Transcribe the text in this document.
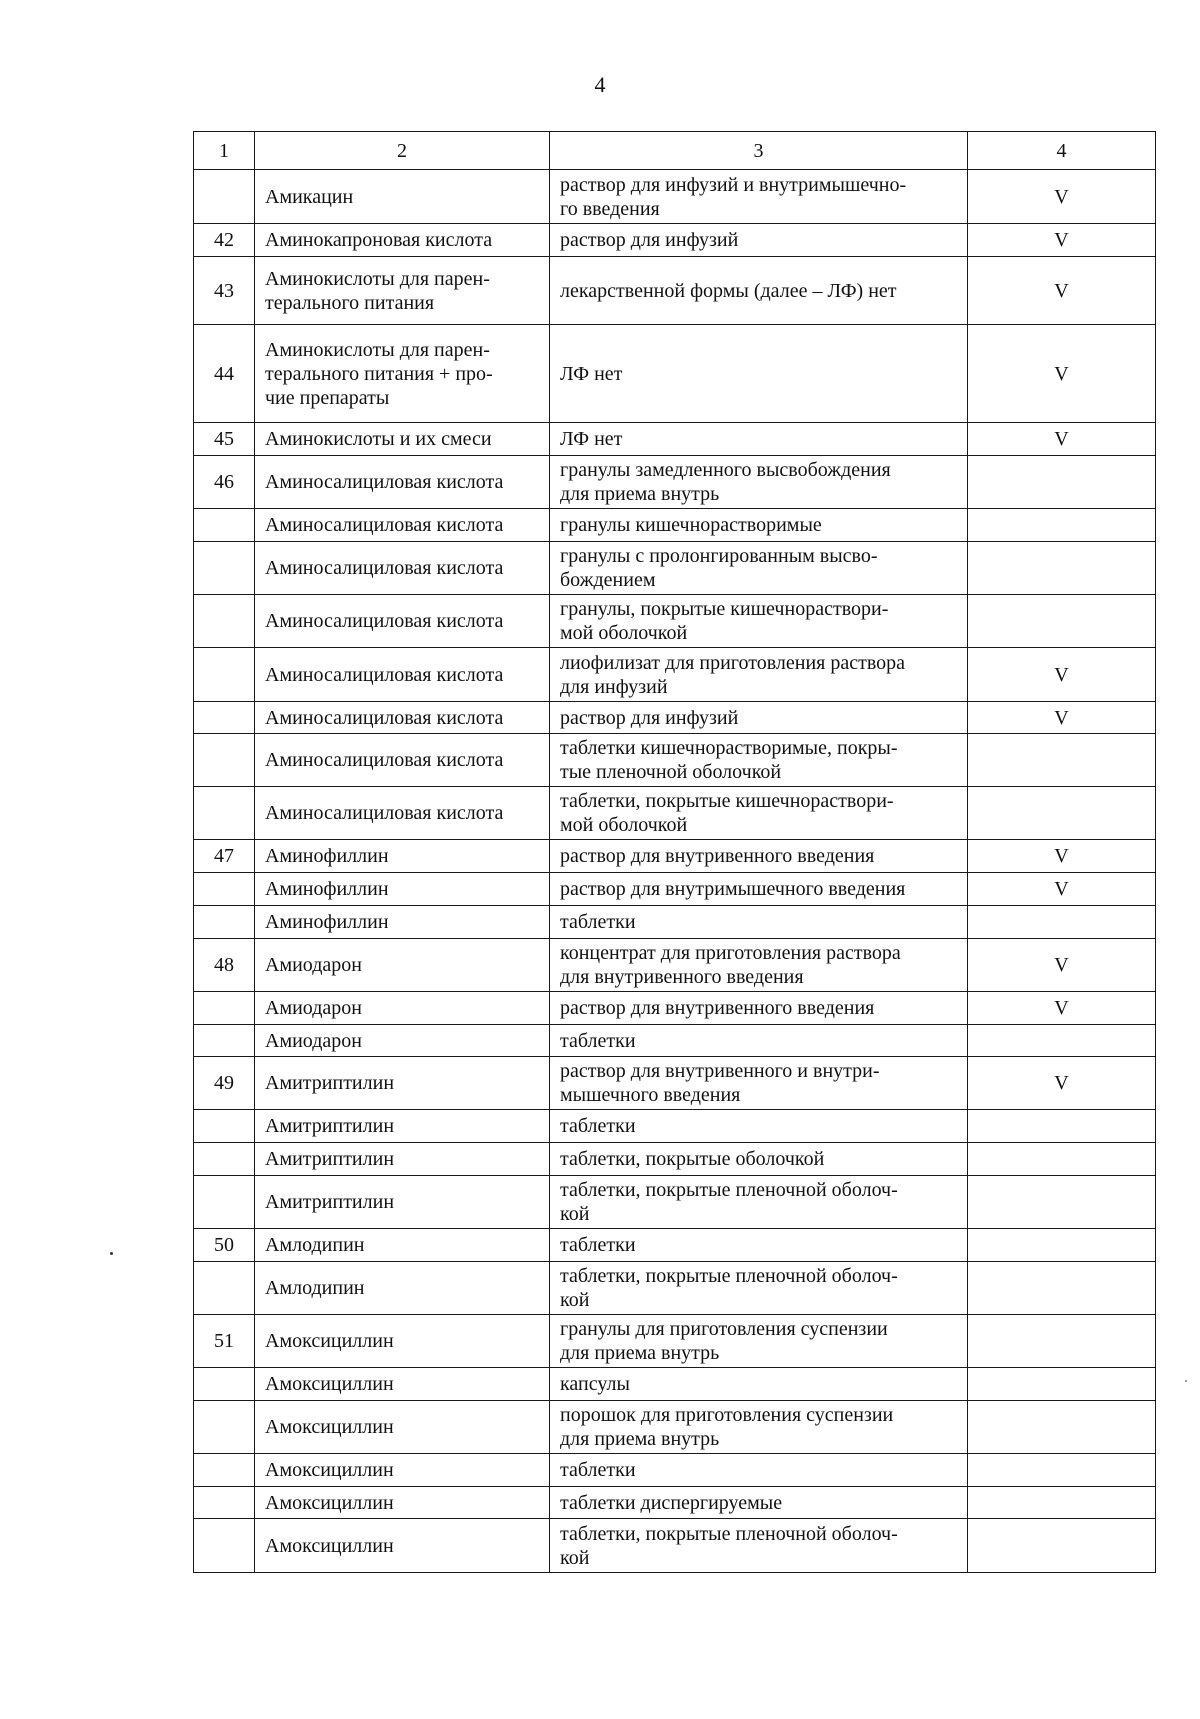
4
1	2	3	4
	Амикацин	раствор для инфузий и внутримышечно-
го введения	V
42	Аминокапроновая кислота	раствор для инфузий	V
43	Аминокислоты для парен-
терального питания	лекарственной формы (далее – ЛФ) нет	V
44	Аминокислоты для парен-
терального питания + про-
чие препараты	ЛФ нет	V
45	Аминокислоты и их смеси	ЛФ нет	V
46	Аминосалициловая кислота	гранулы замедленного высвобождения
для приема внутрь	
	Аминосалициловая кислота	гранулы кишечнорастворимые	
	Аминосалициловая кислота	гранулы с пролонгированным высво-
бождением	
	Аминосалициловая кислота	гранулы, покрытые кишечнораствори-
мой оболочкой	
	Аминосалициловая кислота	лиофилизат для приготовления раствора
для инфузий	V
	Аминосалициловая кислота	раствор для инфузий	V
	Аминосалициловая кислота	таблетки кишечнорастворимые, покры-
тые пленочной оболочкой	
	Аминосалициловая кислота	таблетки, покрытые кишечнораствори-
мой оболочкой	
47	Аминофиллин	раствор для внутривенного введения	V
	Аминофиллин	раствор для внутримышечного введения	V
	Аминофиллин	таблетки	
48	Амиодарон	концентрат для приготовления раствора
для внутривенного введения	V
	Амиодарон	раствор для внутривенного введения	V
	Амиодарон	таблетки	
49	Амитриптилин	раствор для внутривенного и внутри-
мышечного введения	V
	Амитриптилин	таблетки	
	Амитриптилин	таблетки, покрытые оболочкой	
	Амитриптилин	таблетки, покрытые пленочной оболоч-
кой	
50	Амлодипин	таблетки	
	Амлодипин	таблетки, покрытые пленочной оболоч-
кой	
51	Амоксициллин	гранулы для приготовления суспензии
для приема внутрь	
	Амоксициллин	капсулы	
	Амоксициллин	порошок для приготовления суспензии
для приема внутрь	
	Амоксициллин	таблетки	
	Амоксициллин	таблетки диспергируемые	
	Амоксициллин	таблетки, покрытые пленочной оболоч-
кой	
